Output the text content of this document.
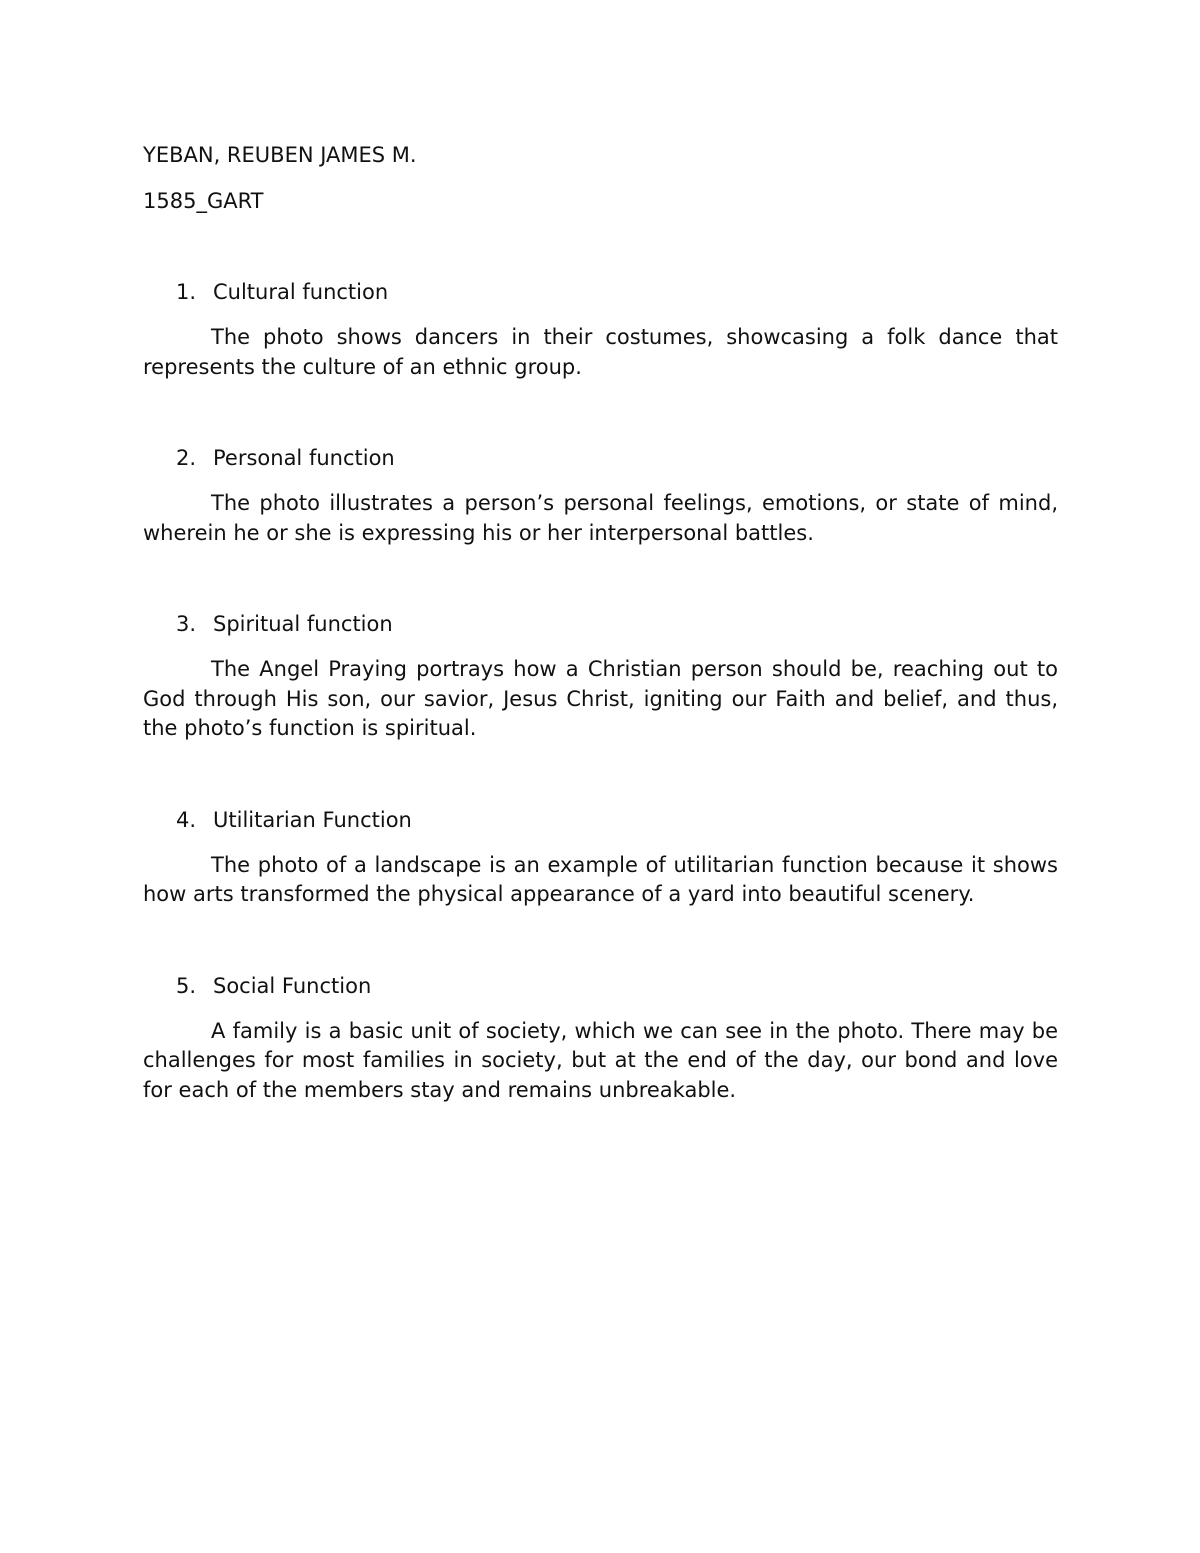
YEBAN, REUBEN JAMES M.

1585_GART

1. Cultural function

The photo shows dancers in their costumes, showcasing a folk dance that represents the culture of an ethnic group.

2. Personal function

The photo illustrates a person’s personal feelings, emotions, or state of mind, wherein he or she is expressing his or her interpersonal battles.

3. Spiritual function

The Angel Praying portrays how a Christian person should be, reaching out to God through His son, our savior, Jesus Christ, igniting our Faith and belief, and thus, the photo’s function is spiritual.

4. Utilitarian Function

The photo of a landscape is an example of utilitarian function because it shows how arts transformed the physical appearance of a yard into beautiful scenery.

5. Social Function

A family is a basic unit of society, which we can see in the photo. There may be challenges for most families in society, but at the end of the day, our bond and love for each of the members stay and remains unbreakable.
